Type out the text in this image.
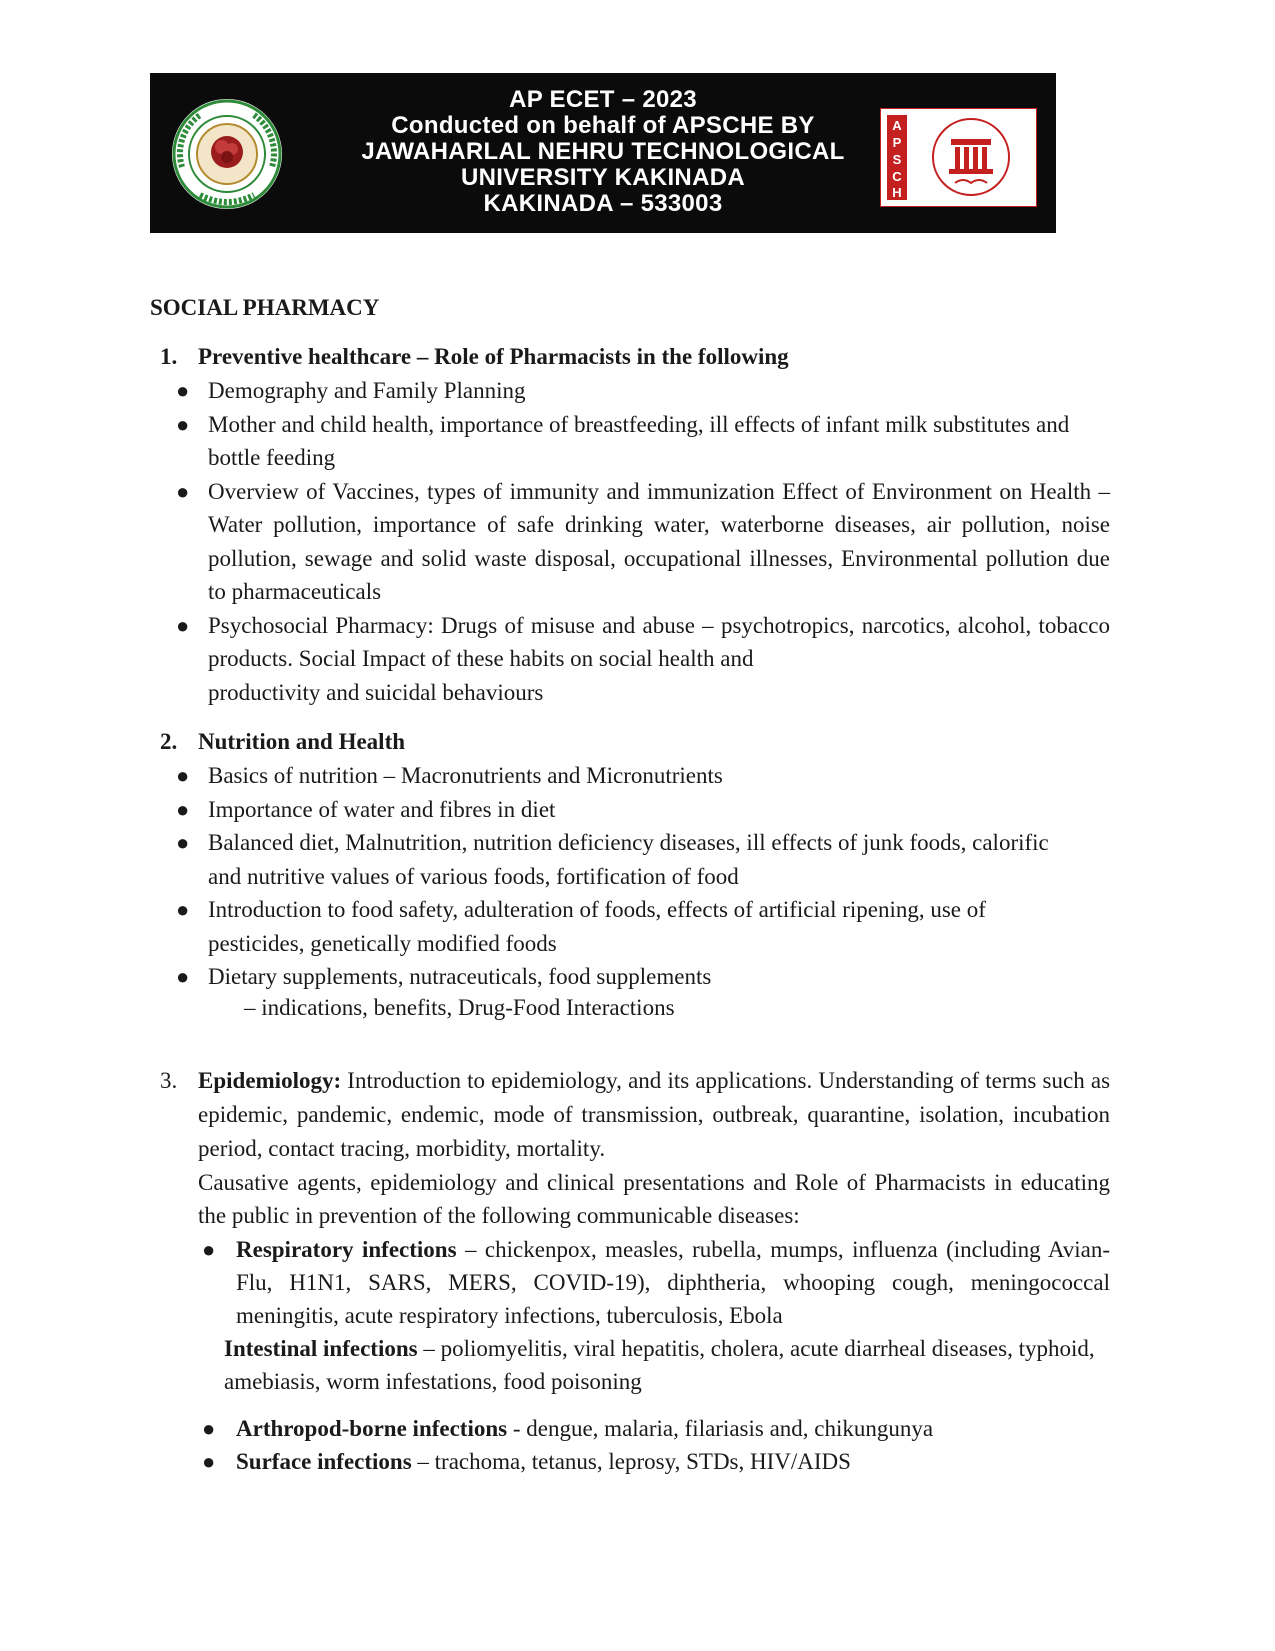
AP ECET – 2023
Conducted on behalf of APSCHE BY
JAWAHARLAL NEHRU TECHNOLOGICAL
UNIVERSITY KAKINADA
KAKINADA – 533003
A
P
S
C
H
SOCIAL PHARMACY
1. Preventive healthcare – Role of Pharmacists in the following
● Demography and Family Planning
● Mother and child health, importance of breastfeeding, ill effects of infant milk substitutes and bottle feeding
● Overview of Vaccines, types of immunity and immunization Effect of Environment on Health – Water pollution, importance of safe drinking water, waterborne diseases, air pollution, noise pollution, sewage and solid waste disposal, occupational illnesses, Environmental pollution due to pharmaceuticals
● Psychosocial Pharmacy: Drugs of misuse and abuse – psychotropics, narcotics, alcohol, tobacco products. Social Impact of these habits on social health and
productivity and suicidal behaviours
2. Nutrition and Health
● Basics of nutrition – Macronutrients and Micronutrients
● Importance of water and fibres in diet
● Balanced diet, Malnutrition, nutrition deficiency diseases, ill effects of junk foods, calorific and nutritive values of various foods, fortification of food
● Introduction to food safety, adulteration of foods, effects of artificial ripening, use of pesticides, genetically modified foods
● Dietary supplements, nutraceuticals, food supplements
– indications, benefits, Drug-Food Interactions
3. Epidemiology: Introduction to epidemiology, and its applications. Understanding of terms such as epidemic, pandemic, endemic, mode of transmission, outbreak, quarantine, isolation, incubation period, contact tracing, morbidity, mortality.
Causative agents, epidemiology and clinical presentations and Role of Pharmacists in educating the public in prevention of the following communicable diseases:
● Respiratory infections – chickenpox, measles, rubella, mumps, influenza (including Avian-Flu, H1N1, SARS, MERS, COVID-19), diphtheria, whooping cough, meningococcal meningitis, acute respiratory infections, tuberculosis, Ebola
Intestinal infections – poliomyelitis, viral hepatitis, cholera, acute diarrheal diseases, typhoid, amebiasis, worm infestations, food poisoning
● Arthropod-borne infections - dengue, malaria, filariasis and, chikungunya
● Surface infections – trachoma, tetanus, leprosy, STDs, HIV/AIDS
